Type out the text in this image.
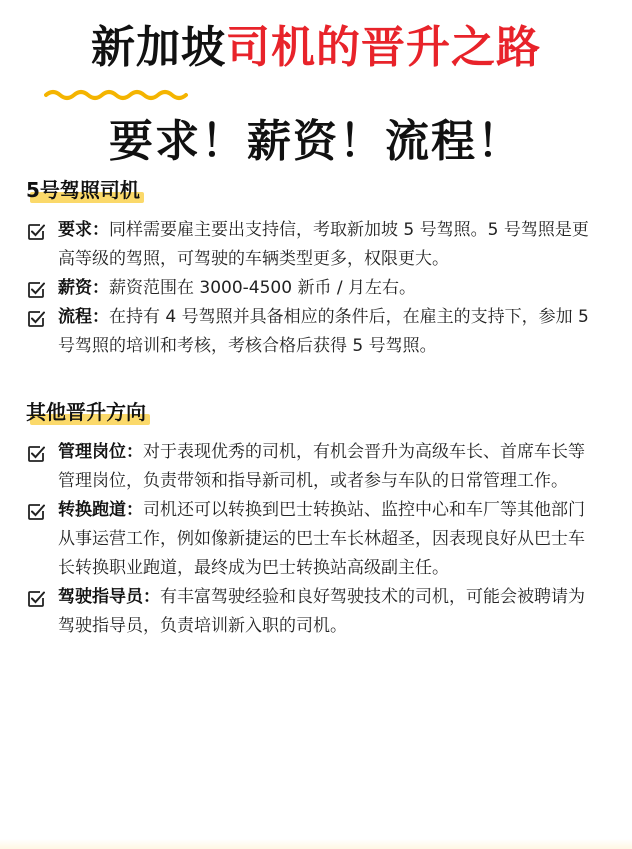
新加坡司机的晋升之路
要求！薪资！流程！
5号驾照司机
要求：同样需要雇主要出支持信，考取新加坡 5 号驾照。5 号驾照是更高等级的驾照，可驾驶的车辆类型更多，权限更大。
薪资：薪资范围在 3000-4500 新币 / 月左右。
流程：在持有 4 号驾照并具备相应的条件后，在雇主的支持下，参加 5 号驾照的培训和考核，考核合格后获得 5 号驾照。
其他晋升方向
管理岗位：对于表现优秀的司机，有机会晋升为高级车长、首席车长等管理岗位，负责带领和指导新司机，或者参与车队的日常管理工作。
转换跑道：司机还可以转换到巴士转换站、监控中心和车厂等其他部门从事运营工作，例如像新捷运的巴士车长林超圣，因表现良好从巴士车长转换职业跑道，最终成为巴士转换站高级副主任。
驾驶指导员：有丰富驾驶经验和良好驾驶技术的司机，可能会被聘请为驾驶指导员，负责培训新入职的司机。
